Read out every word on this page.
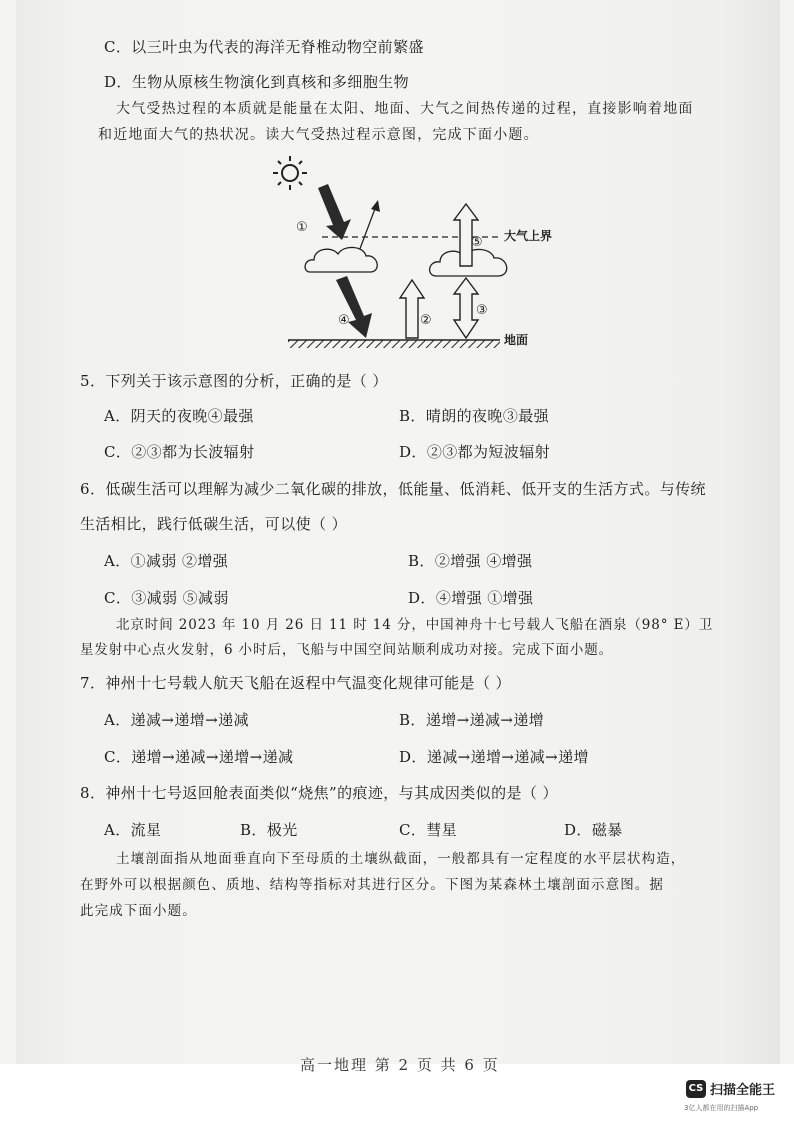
C．以三叶虫为代表的海洋无脊椎动物空前繁盛
D．生物从原核生物演化到真核和多细胞生物
大气受热过程的本质就是能量在太阳、地面、大气之间热传递的过程，直接影响着地面
和近地面大气的热状况。读大气受热过程示意图，完成下面小题。
大气上界
①
④	②
⑤
③
地面
5．下列关于该示意图的分析，正确的是（ ）
A．阴天的夜晚④最强	B．晴朗的夜晚③最强
C．②③都为长波辐射	D．②③都为短波辐射
6．低碳生活可以理解为减少二氧化碳的排放，低能量、低消耗、低开支的生活方式。与传统
生活相比，践行低碳生活，可以使（ ）
A．①减弱 ②增强	B．②增强 ④增强
C．③减弱 ⑤减弱	D．④增强 ①增强
北京时间 2023 年 10 月 26 日 11 时 14 分，中国神舟十七号载人飞船在酒泉（98° E）卫
星发射中心点火发射，6 小时后，飞船与中国空间站顺利成功对接。完成下面小题。
7．神州十七号载人航天飞船在返程中气温变化规律可能是（ ）
A．递减→递增→递减	B．递增→递减→递增
C．递增→递减→递增→递减	D．递减→递增→递减→递增
8．神州十七号返回舱表面类似“烧焦”的痕迹，与其成因类似的是（ ）
A．流星	B．极光	C．彗星	D．磁暴
土壤剖面指从地面垂直向下至母质的土壤纵截面，一般都具有一定程度的水平层状构造，
在野外可以根据颜色、质地、结构等指标对其进行区分。下图为某森林土壤剖面示意图。据
此完成下面小题。
高一地理 第 2 页 共 6 页
CS 扫描全能王
3亿人都在用的扫描App
